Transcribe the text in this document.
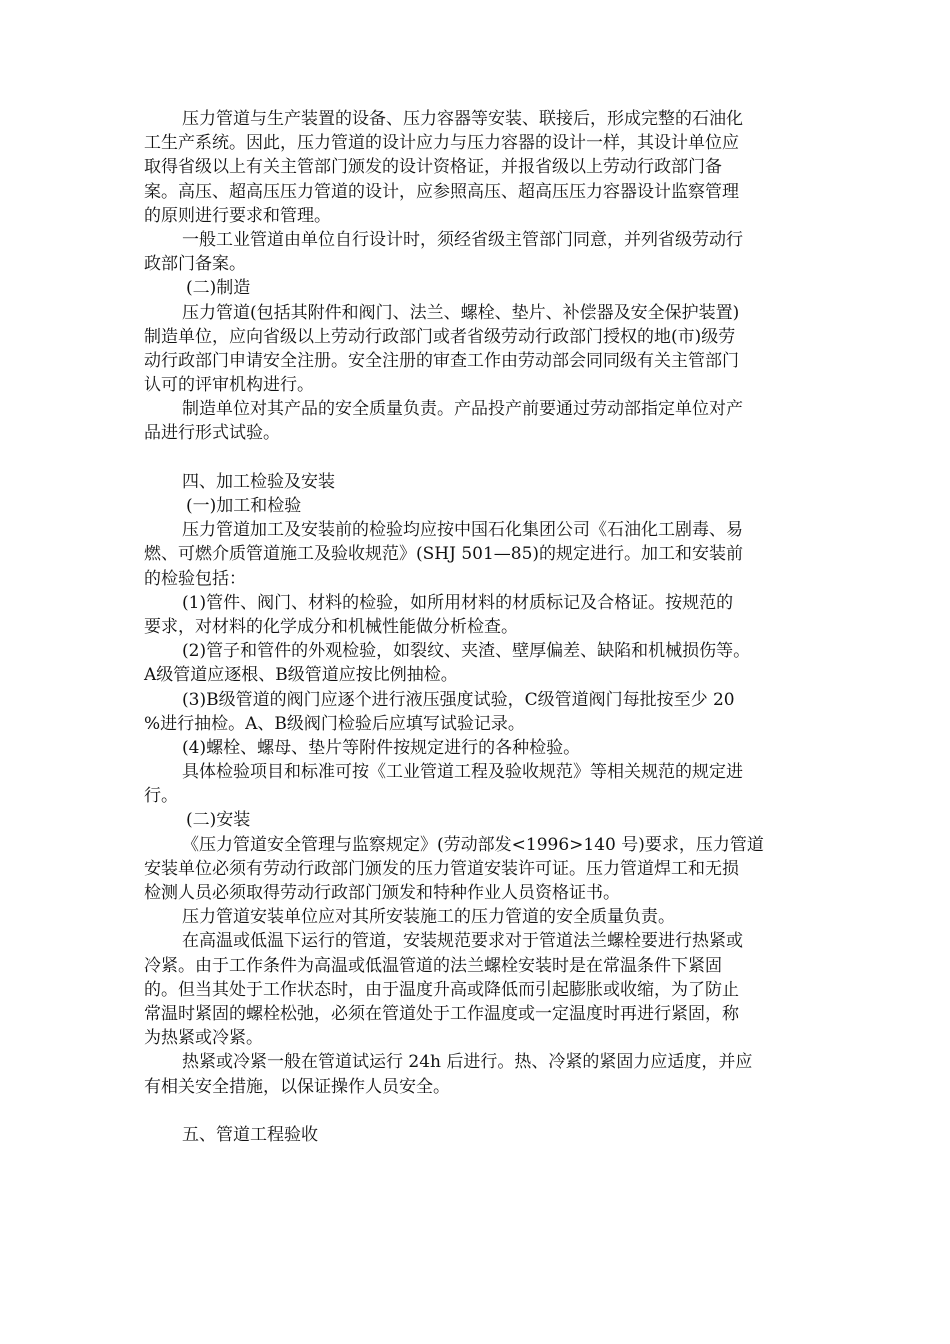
压力管道与生产装置的设备、压力容器等安装、联接后，形成完整的石油化
工生产系统。因此，压力管道的设计应力与压力容器的设计一样，其设计单位应
取得省级以上有关主管部门颁发的设计资格证，并报省级以上劳动行政部门备
案。高压、超高压压力管道的设计，应参照高压、超高压压力容器设计监察管理
的原则进行要求和管理。
一般工业管道由单位自行设计时，须经省级主管部门同意，并列省级劳动行
政部门备案。
(二)制造
压力管道(包括其附件和阀门、法兰、螺栓、垫片、补偿器及安全保护装置)
制造单位，应向省级以上劳动行政部门或者省级劳动行政部门授权的地(市)级劳
动行政部门申请安全注册。安全注册的审查工作由劳动部会同同级有关主管部门
认可的评审机构进行。
制造单位对其产品的安全质量负责。产品投产前要通过劳动部指定单位对产
品进行形式试验。
四、加工检验及安装
(一)加工和检验
压力管道加工及安装前的检验均应按中国石化集团公司《石油化工剧毒、易
燃、可燃介质管道施工及验收规范》(SHJ 501—85)的规定进行。加工和安装前
的检验包括：
(1)管件、阀门、材料的检验，如所用材料的材质标记及合格证。按规范的
要求，对材料的化学成分和机械性能做分析检查。
(2)管子和管件的外观检验，如裂纹、夹渣、壁厚偏差、缺陷和机械损伤等。
A级管道应逐根、B级管道应按比例抽检。
(3)B级管道的阀门应逐个进行液压强度试验，C级管道阀门每批按至少 20
%进行抽检。A、B级阀门检验后应填写试验记录。
(4)螺栓、螺母、垫片等附件按规定进行的各种检验。
具体检验项目和标准可按《工业管道工程及验收规范》等相关规范的规定进
行。
(二)安装
《压力管道安全管理与监察规定》(劳动部发<1996>140 号)要求，压力管道
安装单位必须有劳动行政部门颁发的压力管道安装许可证。压力管道焊工和无损
检测人员必须取得劳动行政部门颁发和特种作业人员资格证书。
压力管道安装单位应对其所安装施工的压力管道的安全质量负责。
在高温或低温下运行的管道，安装规范要求对于管道法兰螺栓要进行热紧或
冷紧。由于工作条件为高温或低温管道的法兰螺栓安装时是在常温条件下紧固
的。但当其处于工作状态时，由于温度升高或降低而引起膨胀或收缩，为了防止
常温时紧固的螺栓松弛，必须在管道处于工作温度或一定温度时再进行紧固，称
为热紧或冷紧。
热紧或冷紧一般在管道试运行 24h 后进行。热、冷紧的紧固力应适度，并应
有相关安全措施，以保证操作人员安全。
五、管道工程验收
